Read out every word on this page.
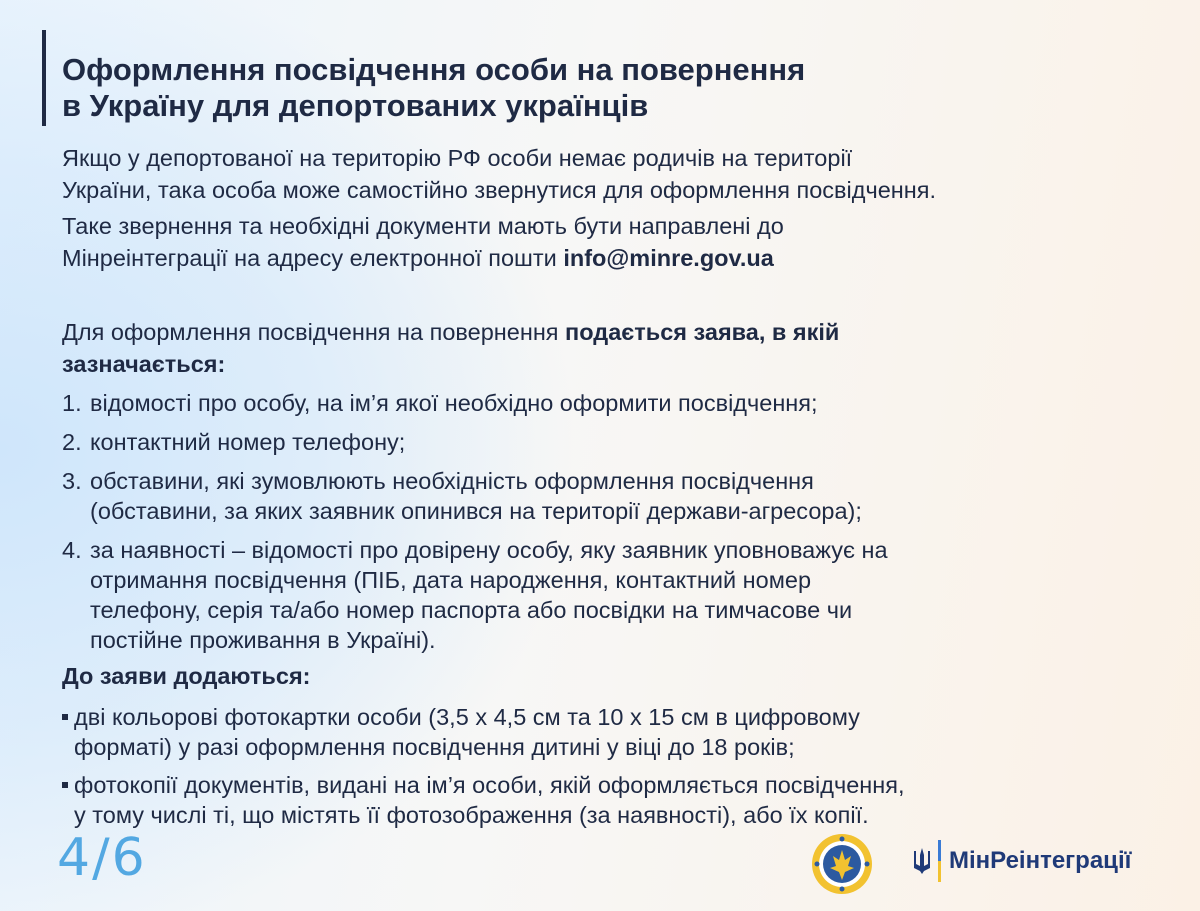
Оформлення посвідчення особи на повернення
в Україну для депортованих українців

Якщо у депортованої на територію РФ особи немає родичів на території
України, така особа може самостійно звернутися для оформлення посвідчення.

Таке звернення та необхідні документи мають бути направлені до
Мінреінтеграції на адресу електронної пошти info@minre.gov.ua

Для оформлення посвідчення на повернення подається заява, в якій
зазначається:

1. відомості про особу, на ім’я якої необхідно оформити посвідчення;
2. контактний номер телефону;
3. обставини, які зумовлюють необхідність оформлення посвідчення
(обставини, за яких заявник опинився на території держави-агресора);
4. за наявності – відомості про довірену особу, яку заявник уповноважує на
отримання посвідчення (ПІБ, дата народження, контактний номер
телефону, серія та/або номер паспорта або посвідки на тимчасове чи
постійне проживання в Україні).

До заяви додаються:

дві кольорові фотокартки особи (3,5 х 4,5 см та 10 х 15 см в цифровому
форматі) у разі оформлення посвідчення дитині у віці до 18 років;
фотокопії документів, видані на ім’я особи, якій оформляється посвідчення,
у тому числі ті, що містять її фотозображення (за наявності), або їх копії.
4/6	МінРеінтеграції
